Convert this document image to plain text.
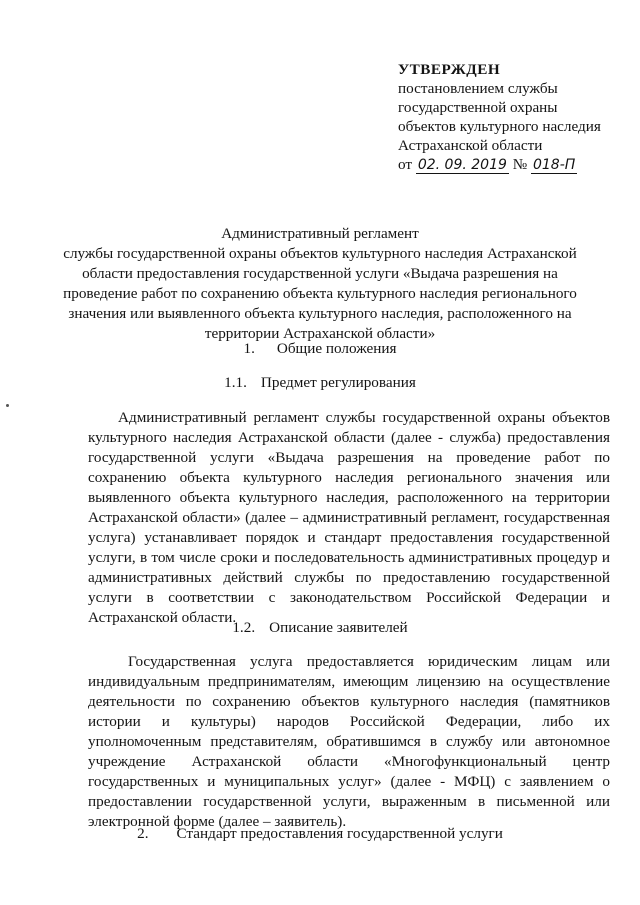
УТВЕРЖДЕН
постановлением службы
государственной охраны
объектов культурного наследия
Астраханской области
от 02. 09. 2019 № 018-П
Административный регламент
службы государственной охраны объектов культурного наследия Астраханской
области предоставления государственной услуги «Выдача разрешения на
проведение работ по сохранению объекта культурного наследия регионального
значения или выявленного объекта культурного наследия, расположенного на
территории Астраханской области»
1. Общие положения
1.1. Предмет регулирования
Административный регламент службы государственной охраны объектов
культурного наследия Астраханской области (далее - служба) предоставления
государственной услуги «Выдача разрешения на проведение работ по
сохранению объекта культурного наследия регионального значения или
выявленного объекта культурного наследия, расположенного на территории
Астраханской области» (далее – административный регламент, государственная
услуга) устанавливает порядок и стандарт предоставления государственной
услуги, в том числе сроки и последовательность административных процедур и
административных действий службы по предоставлению государственной
услуги в соответствии с законодательством Российской Федерации и
Астраханской области.
1.2. Описание заявителей
Государственная услуга предоставляется юридическим лицам или
индивидуальным предпринимателям, имеющим лицензию на осуществление
деятельности по сохранению объектов культурного наследия (памятников
истории и культуры) народов Российской Федерации, либо их
уполномоченным представителям, обратившимся в службу или автономное
учреждение Астраханской области «Многофункциональный центр
государственных и муниципальных услуг» (далее - МФЦ) с заявлением о
предоставлении государственной услуги, выраженным в письменной или
электронной форме (далее – заявитель).
2. Стандарт предоставления государственной услуги
